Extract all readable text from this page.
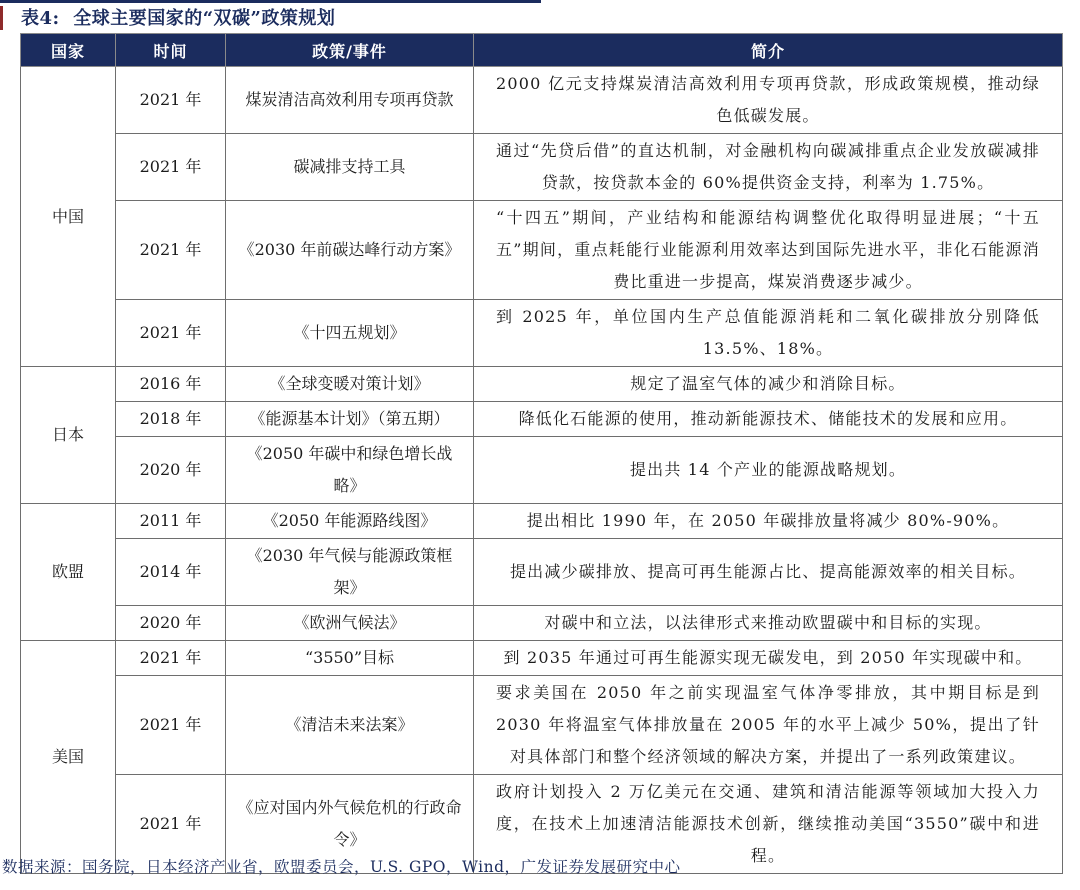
表4:  全球主要国家的“双碳”政策规划
国家	时间	政策/事件	简介
中国	2021 年	煤炭清洁高效利用专项再贷款	2000 亿元支持煤炭清洁高效利用专项再贷款，形成政策规模，推动绿色低碳发展。
	2021 年	碳减排支持工具	通过“先贷后借”的直达机制，对金融机构向碳减排重点企业发放碳减排贷款，按贷款本金的 60%提供资金支持，利率为 1.75%。
	2021 年	《2030 年前碳达峰行动方案》	“十四五”期间，产业结构和能源结构调整优化取得明显进展；“十五五”期间，重点耗能行业能源利用效率达到国际先进水平，非化石能源消费比重进一步提高，煤炭消费逐步减少。
	2021 年	《十四五规划》	到 2025 年，单位国内生产总值能源消耗和二氧化碳排放分别降低 13.5%、18%。
日本	2016 年	《全球变暖对策计划》	规定了温室气体的减少和消除目标。
	2018 年	《能源基本计划》（第五期）	降低化石能源的使用，推动新能源技术、储能技术的发展和应用。
	2020 年	《2050 年碳中和绿色增长战略》	提出共 14 个产业的能源战略规划。
欧盟	2011 年	《2050 年能源路线图》	提出相比 1990 年，在 2050 年碳排放量将减少 80%-90%。
	2014 年	《2030 年气候与能源政策框架》	提出减少碳排放、提高可再生能源占比、提高能源效率的相关目标。
	2020 年	《欧洲气候法》	对碳中和立法，以法律形式来推动欧盟碳中和目标的实现。
美国	2021 年	“3550”目标	到 2035 年通过可再生能源实现无碳发电，到 2050 年实现碳中和。
	2021 年	《清洁未来法案》	要求美国在 2050 年之前实现温室气体净零排放，其中期目标是到 2030 年将温室气体排放量在 2005 年的水平上减少 50%，提出了针对具体部门和整个经济领域的解决方案，并提出了一系列政策建议。
	2021 年	《应对国内外气候危机的行政命令》	政府计划投入 2 万亿美元在交通、建筑和清洁能源等领域加大投入力度，在技术上加速清洁能源技术创新，继续推动美国“3550”碳中和进程。
数据来源：国务院，日本经济产业省，欧盟委员会，U.S. GPO，Wind，广发证券发展研究中心
